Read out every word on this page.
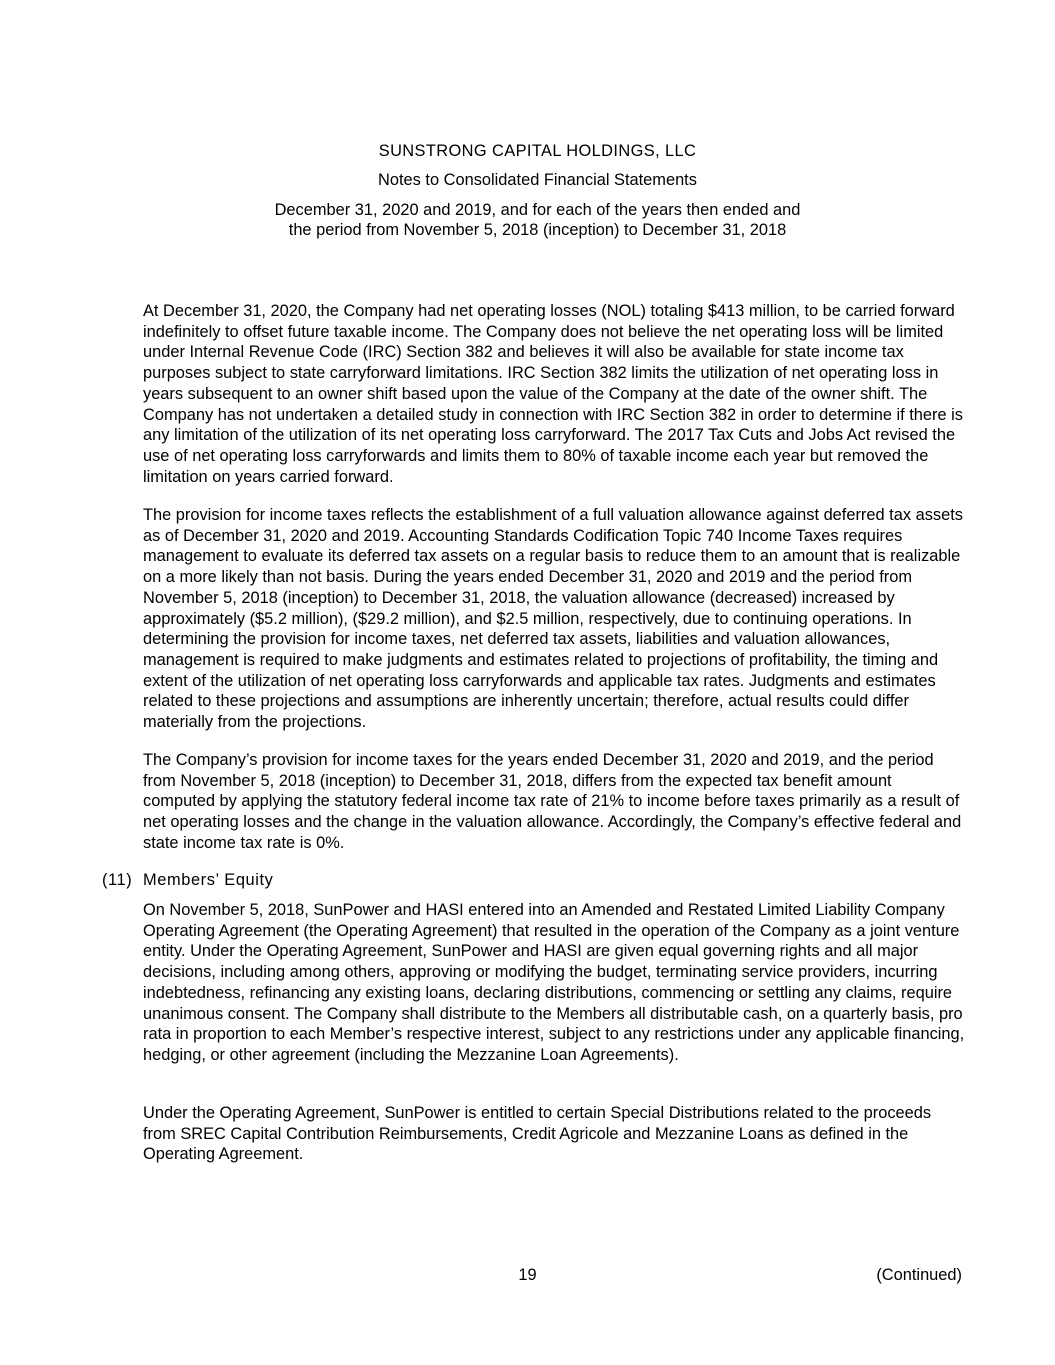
SUNSTRONG CAPITAL HOLDINGS, LLC
Notes to Consolidated Financial Statements
December 31, 2020 and 2019, and for each of the years then ended and
the period from November 5, 2018 (inception) to December 31, 2018

At December 31, 2020, the Company had net operating losses (NOL) totaling $413 million, to be carried forward indefinitely to offset future taxable income. The Company does not believe the net operating loss will be limited under Internal Revenue Code (IRC) Section 382 and believes it will also be available for state income tax purposes subject to state carryforward limitations. IRC Section 382 limits the utilization of net operating loss in years subsequent to an owner shift based upon the value of the Company at the date of the owner shift. The Company has not undertaken a detailed study in connection with IRC Section 382 in order to determine if there is any limitation of the utilization of its net operating loss carryforward. The 2017 Tax Cuts and Jobs Act revised the use of net operating loss carryforwards and limits them to 80% of taxable income each year but removed the limitation on years carried forward.

The provision for income taxes reflects the establishment of a full valuation allowance against deferred tax assets as of December 31, 2020 and 2019. Accounting Standards Codification Topic 740 Income Taxes requires management to evaluate its deferred tax assets on a regular basis to reduce them to an amount that is realizable on a more likely than not basis. During the years ended December 31, 2020 and 2019 and the period from November 5, 2018 (inception) to December 31, 2018, the valuation allowance (decreased) increased by approximately ($5.2 million), ($29.2 million), and $2.5 million, respectively, due to continuing operations. In determining the provision for income taxes, net deferred tax assets, liabilities and valuation allowances, management is required to make judgments and estimates related to projections of profitability, the timing and extent of the utilization of net operating loss carryforwards and applicable tax rates. Judgments and estimates related to these projections and assumptions are inherently uncertain; therefore, actual results could differ materially from the projections.

The Company’s provision for income taxes for the years ended December 31, 2020 and 2019, and the period from November 5, 2018 (inception) to December 31, 2018, differs from the expected tax benefit amount computed by applying the statutory federal income tax rate of 21% to income before taxes primarily as a result of net operating losses and the change in the valuation allowance. Accordingly, the Company’s effective federal and state income tax rate is 0%.

(11) Members’ Equity

On November 5, 2018, SunPower and HASI entered into an Amended and Restated Limited Liability Company Operating Agreement (the Operating Agreement) that resulted in the operation of the Company as a joint venture entity. Under the Operating Agreement, SunPower and HASI are given equal governing rights and all major decisions, including among others, approving or modifying the budget, terminating service providers, incurring indebtedness, refinancing any existing loans, declaring distributions, commencing or settling any claims, require unanimous consent. The Company shall distribute to the Members all distributable cash, on a quarterly basis, pro rata in proportion to each Member’s respective interest, subject to any restrictions under any applicable financing, hedging, or other agreement (including the Mezzanine Loan Agreements).

Under the Operating Agreement, SunPower is entitled to certain Special Distributions related to the proceeds from SREC Capital Contribution Reimbursements, Credit Agricole and Mezzanine Loans as defined in the Operating Agreement.

19	(Continued)
